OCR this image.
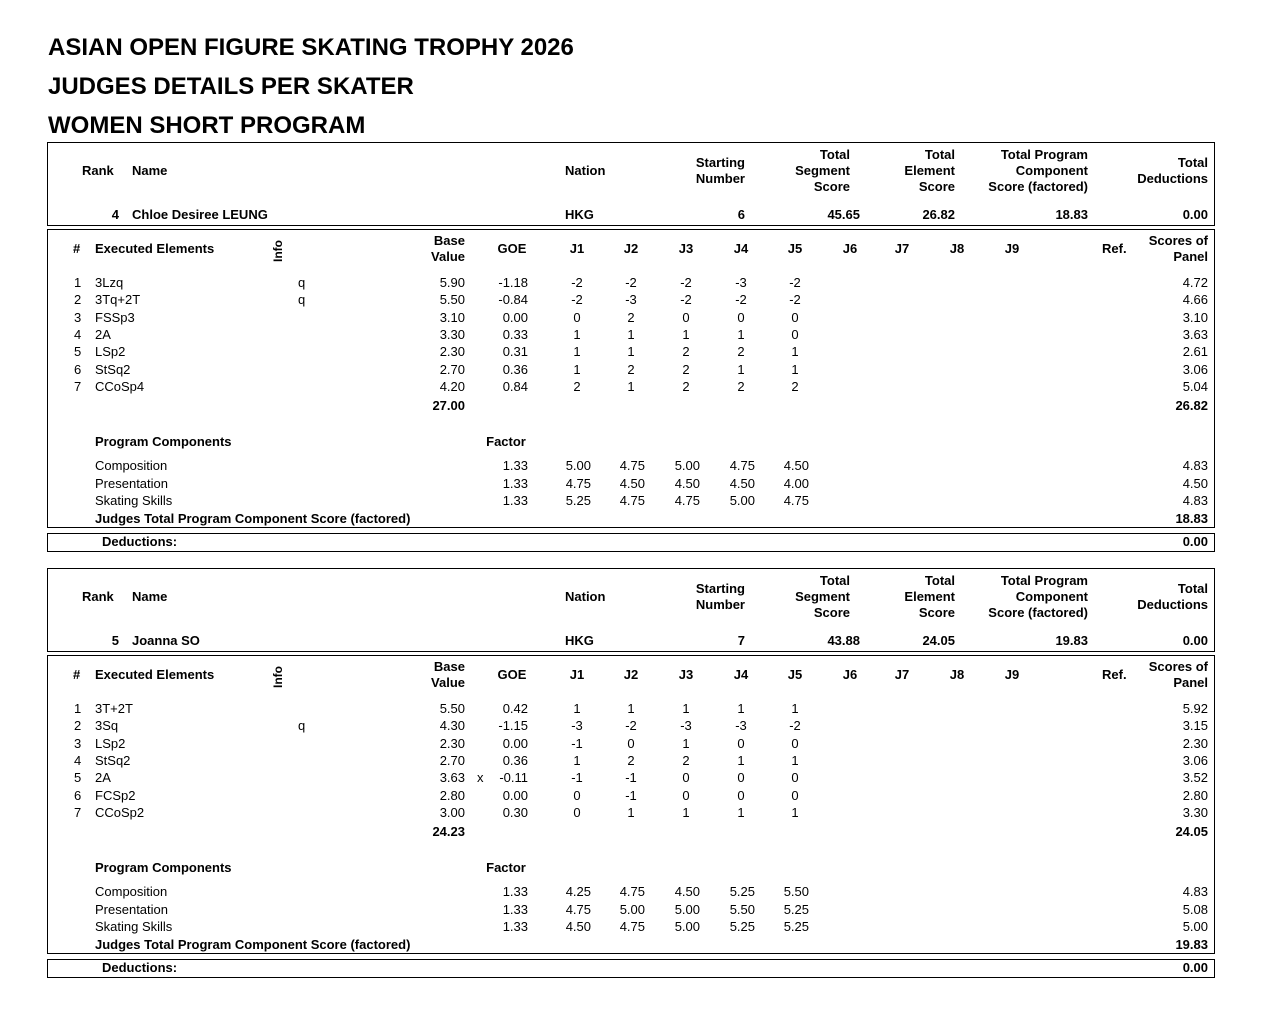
ASIAN OPEN FIGURE SKATING TROPHY 2026
JUDGES DETAILS PER SKATER
WOMEN SHORT PROGRAM
Rank Name	Nation
Starting
Number
Total
Segment
Score
Total
Element
Score
Total Program
Component
Score (factored)
Total
Deductions
4 Chloe Desiree LEUNG	HKG	6	45.65	26.82	18.83	0.00
# Executed Elements	Info	Base
Value
GOE	J1	J2	J3	J4	J5	J6	J7	J8	J9	Ref.
Scores of
Panel
1 3Lzq	q	5.90	-1.18	-2	-2	-2	-3	-2	4.72
2 3Tq+2T	q	5.50	-0.84	-2	-3	-2	-2	-2	4.66
3 FSSp3	3.10	0.00	0	2	0	0	0	3.10
4 2A	3.30	0.33	1	1	1	1	0	3.63
5 LSp2	2.30	0.31	1	1	2	2	1	2.61
6 StSq2	2.70	0.36	1	2	2	1	1	3.06
7 CCoSp4	4.20	0.84	2	1	2	2	2	5.04
27.00	26.82
Program Components	Factor
Composition	1.33	5.00	4.75	5.00	4.75	4.50	4.83
Presentation	1.33	4.75	4.50	4.50	4.50	4.00	4.50
Skating Skills	1.33	5.25	4.75	4.75	5.00	4.75	4.83
Judges Total Program Component Score (factored)	18.83
Deductions:	0.00
Rank Name	Nation
Starting
Number
Total
Segment
Score
Total
Element
Score
Total Program
Component
Score (factored)
Total
Deductions
5 Joanna SO	HKG	7	43.88	24.05	19.83	0.00
# Executed Elements	Info	Base
Value
GOE	J1	J2	J3	J4	J5	J6	J7	J8	J9	Ref.
Scores of
Panel
1 3T+2T	5.50	0.42	1	1	1	1	1	5.92
2 3Sq	q	4.30	-1.15	-3	-2	-3	-3	-2	3.15
3 LSp2	2.30	0.00	-1	0	1	0	0	2.30
4 StSq2	2.70	0.36	1	2	2	1	1	3.06
5 2A	3.63 x	-0.11	-1	-1	0	0	0	3.52
6 FCSp2	2.80	0.00	0	-1	0	0	0	2.80
7 CCoSp2	3.00	0.30	0	1	1	1	1	3.30
24.23	24.05
Program Components	Factor
Composition	1.33	4.25	4.75	4.50	5.25	5.50	4.83
Presentation	1.33	4.75	5.00	5.00	5.50	5.25	5.08
Skating Skills	1.33	4.50	4.75	5.00	5.25	5.25	5.00
Judges Total Program Component Score (factored)	19.83
Deductions:	0.00
